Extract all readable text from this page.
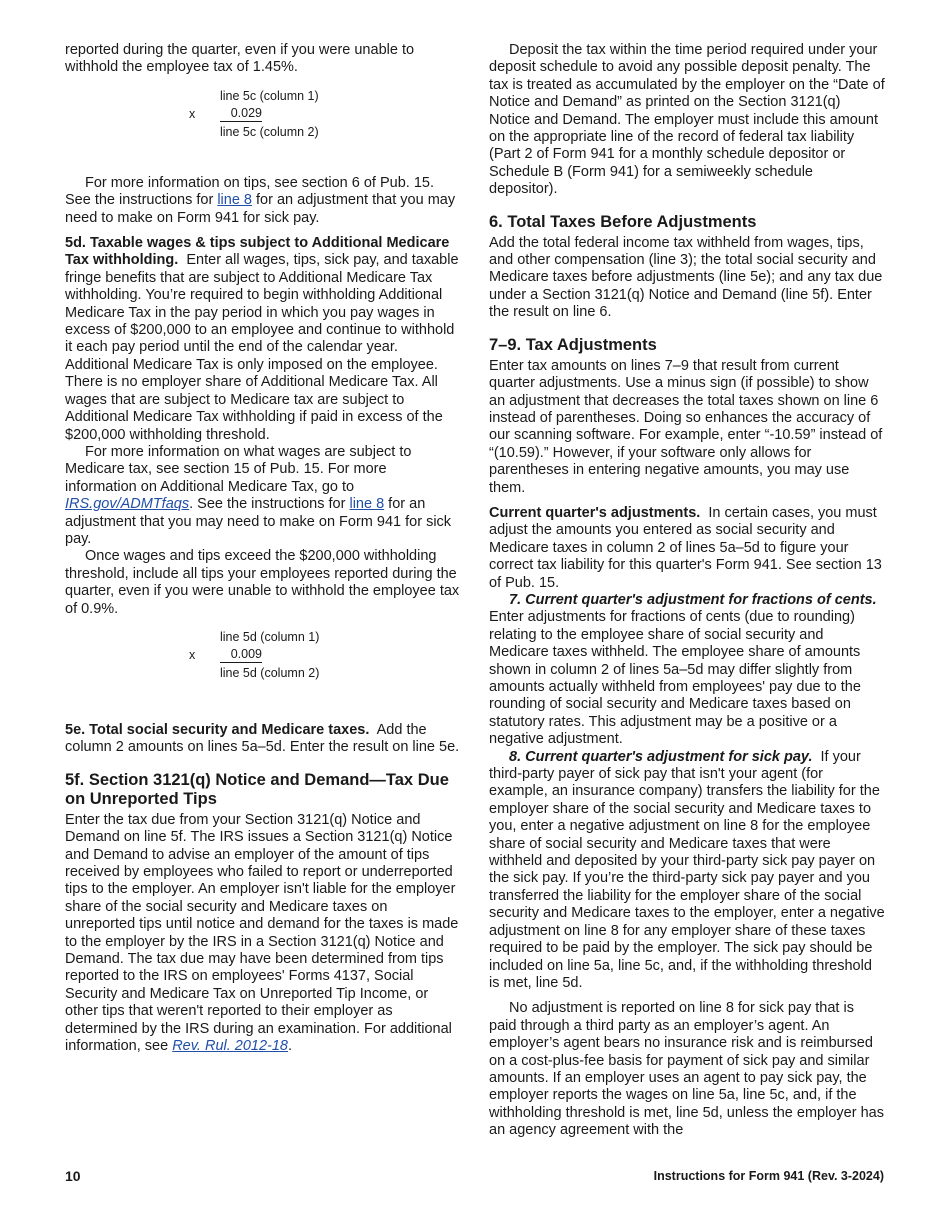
reported during the quarter, even if you were unable to withhold the employee tax of 1.45%.

line 5c (column 1)
x	0.029
line 5c (column 2)

For more information on tips, see section 6 of Pub. 15. See the instructions for line 8 for an adjustment that you may need to make on Form 941 for sick pay.

5d. Taxable wages & tips subject to Additional Medicare Tax withholding. Enter all wages, tips, sick pay, and taxable fringe benefits that are subject to Additional Medicare Tax withholding. You’re required to begin withholding Additional Medicare Tax in the pay period in which you pay wages in excess of $200,000 to an employee and continue to withhold it each pay period until the end of the calendar year. Additional Medicare Tax is only imposed on the employee. There is no employer share of Additional Medicare Tax. All wages that are subject to Medicare tax are subject to Additional Medicare Tax withholding if paid in excess of the $200,000 withholding threshold.

For more information on what wages are subject to Medicare tax, see section 15 of Pub. 15. For more information on Additional Medicare Tax, go to IRS.gov/ADMTfaqs. See the instructions for line 8 for an adjustment that you may need to make on Form 941 for sick pay.

Once wages and tips exceed the $200,000 withholding threshold, include all tips your employees reported during the quarter, even if you were unable to withhold the employee tax of 0.9%.

line 5d (column 1)
x	0.009
line 5d (column 2)

5e. Total social security and Medicare taxes. Add the column 2 amounts on lines 5a–5d. Enter the result on line 5e.

5f. Section 3121(q) Notice and Demand—Tax Due on Unreported Tips

Enter the tax due from your Section 3121(q) Notice and Demand on line 5f. The IRS issues a Section 3121(q) Notice and Demand to advise an employer of the amount of tips received by employees who failed to report or underreported tips to the employer. An employer isn't liable for the employer share of the social security and Medicare taxes on unreported tips until notice and demand for the taxes is made to the employer by the IRS in a Section 3121(q) Notice and Demand. The tax due may have been determined from tips reported to the IRS on employees' Forms 4137, Social Security and Medicare Tax on Unreported Tip Income, or other tips that weren't reported to their employer as determined by the IRS during an examination. For additional information, see Rev. Rul. 2012-18.

Deposit the tax within the time period required under your deposit schedule to avoid any possible deposit penalty. The tax is treated as accumulated by the employer on the “Date of Notice and Demand” as printed on the Section 3121(q) Notice and Demand. The employer must include this amount on the appropriate line of the record of federal tax liability (Part 2 of Form 941 for a monthly schedule depositor or Schedule B (Form 941) for a semiweekly schedule depositor).

6. Total Taxes Before Adjustments

Add the total federal income tax withheld from wages, tips, and other compensation (line 3); the total social security and Medicare taxes before adjustments (line 5e); and any tax due under a Section 3121(q) Notice and Demand (line 5f). Enter the result on line 6.

7–9. Tax Adjustments

Enter tax amounts on lines 7–9 that result from current quarter adjustments. Use a minus sign (if possible) to show an adjustment that decreases the total taxes shown on line 6 instead of parentheses. Doing so enhances the accuracy of our scanning software. For example, enter “-10.59” instead of “(10.59).” However, if your software only allows for parentheses in entering negative amounts, you may use them.

Current quarter's adjustments. In certain cases, you must adjust the amounts you entered as social security and Medicare taxes in column 2 of lines 5a–5d to figure your correct tax liability for this quarter's Form 941. See section 13 of Pub. 15.

7. Current quarter's adjustment for fractions of cents.  Enter adjustments for fractions of cents (due to rounding) relating to the employee share of social security and Medicare taxes withheld. The employee share of amounts shown in column 2 of lines 5a–5d may differ slightly from amounts actually withheld from employees' pay due to the rounding of social security and Medicare taxes based on statutory rates. This adjustment may be a positive or a negative adjustment.

8. Current quarter's adjustment for sick pay. If your third-party payer of sick pay that isn't your agent (for example, an insurance company) transfers the liability for the employer share of the social security and Medicare taxes to you, enter a negative adjustment on line 8 for the employee share of social security and Medicare taxes that were withheld and deposited by your third-party sick pay payer on the sick pay. If you’re the third-party sick pay payer and you transferred the liability for the employer share of the social security and Medicare taxes to the employer, enter a negative adjustment on line 8 for any employer share of these taxes required to be paid by the employer. The sick pay should be included on line 5a, line 5c, and, if the withholding threshold is met, line 5d.

No adjustment is reported on line 8 for sick pay that is paid through a third party as an employer’s agent. An employer’s agent bears no insurance risk and is reimbursed on a cost-plus-fee basis for payment of sick pay and similar amounts. If an employer uses an agent to pay sick pay, the employer reports the wages on line 5a, line 5c, and, if the withholding threshold is met, line 5d, unless the employer has an agency agreement with the

10	Instructions for Form 941 (Rev. 3-2024)
